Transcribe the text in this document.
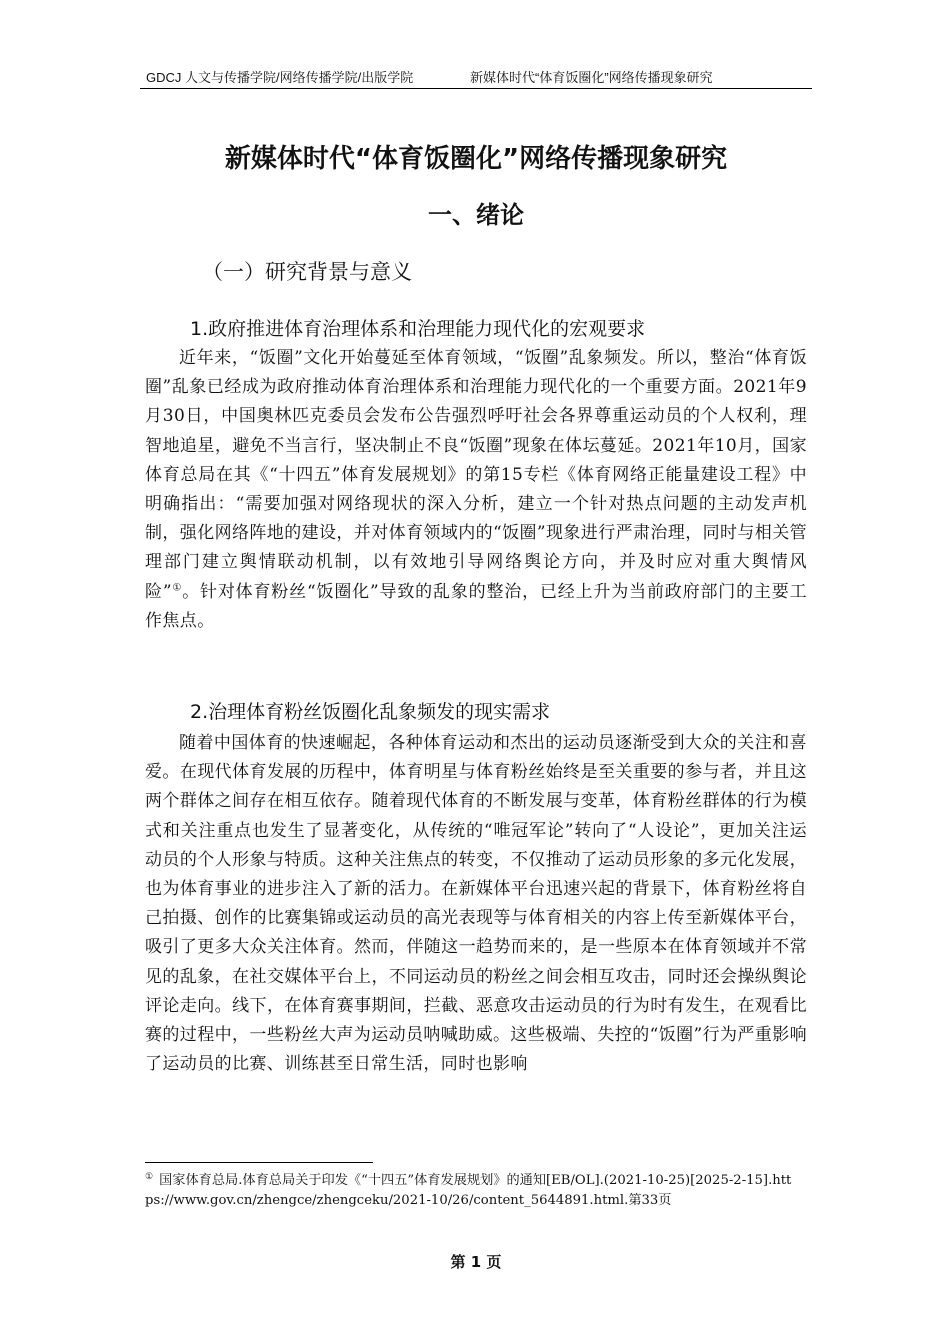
GDCJ 人文与传播学院/网络传播学院/出版学院	新媒体时代“体育饭圈化”网络传播现象研究
新媒体时代“体育饭圈化”网络传播现象研究
一、绪论
（一）研究背景与意义
1.政府推进体育治理体系和治理能力现代化的宏观要求
近年来，“饭圈”文化开始蔓延至体育领域，“饭圈”乱象频发。所以，整治“体育饭圈”乱象已经成为政府推动体育治理体系和治理能力现代化的一个重要方面。2021年9月30日，中国奥林匹克委员会发布公告强烈呼吁社会各界尊重运动员的个人权利，理智地追星，避免不当言行，坚决制止不良“饭圈”现象在体坛蔓延。2021年10月，国家体育总局在其《“十四五”体育发展规划》的第15专栏《体育网络正能量建设工程》中明确指出：“需要加强对网络现状的深入分析，建立一个针对热点问题的主动发声机制，强化网络阵地的建设，并对体育领域内的“饭圈”现象进行严肃治理，同时与相关管理部门建立舆情联动机制，以有效地引导网络舆论方向，并及时应对重大舆情风险”①。针对体育粉丝“饭圈化”导致的乱象的整治，已经上升为当前政府部门的主要工作焦点。
2.治理体育粉丝饭圈化乱象频发的现实需求
随着中国体育的快速崛起，各种体育运动和杰出的运动员逐渐受到大众的关注和喜爱。在现代体育发展的历程中，体育明星与体育粉丝始终是至关重要的参与者，并且这两个群体之间存在相互依存。随着现代体育的不断发展与变革，体育粉丝群体的行为模式和关注重点也发生了显著变化，从传统的“唯冠军论”转向了“人设论”，更加关注运动员的个人形象与特质。这种关注焦点的转变，不仅推动了运动员形象的多元化发展，也为体育事业的进步注入了新的活力。在新媒体平台迅速兴起的背景下，体育粉丝将自己拍摄、创作的比赛集锦或运动员的高光表现等与体育相关的内容上传至新媒体平台，吸引了更多大众关注体育。然而，伴随这一趋势而来的，是一些原本在体育领域并不常见的乱象，在社交媒体平台上，不同运动员的粉丝之间会相互攻击，同时还会操纵舆论评论走向。线下，在体育赛事期间，拦截、恶意攻击运动员的行为时有发生，在观看比赛的过程中，一些粉丝大声为运动员呐喊助威。这些极端、失控的“饭圈”行为严重影响了运动员的比赛、训练甚至日常生活，同时也影响
① 国家体育总局.体育总局关于印发《“十四五”体育发展规划》的通知[EB/OL].(2021-10-25)[2025-2-15].https://www.gov.cn/zhengce/zhengceku/2021-10/26/content_5644891.html.第33页
第 1 页
